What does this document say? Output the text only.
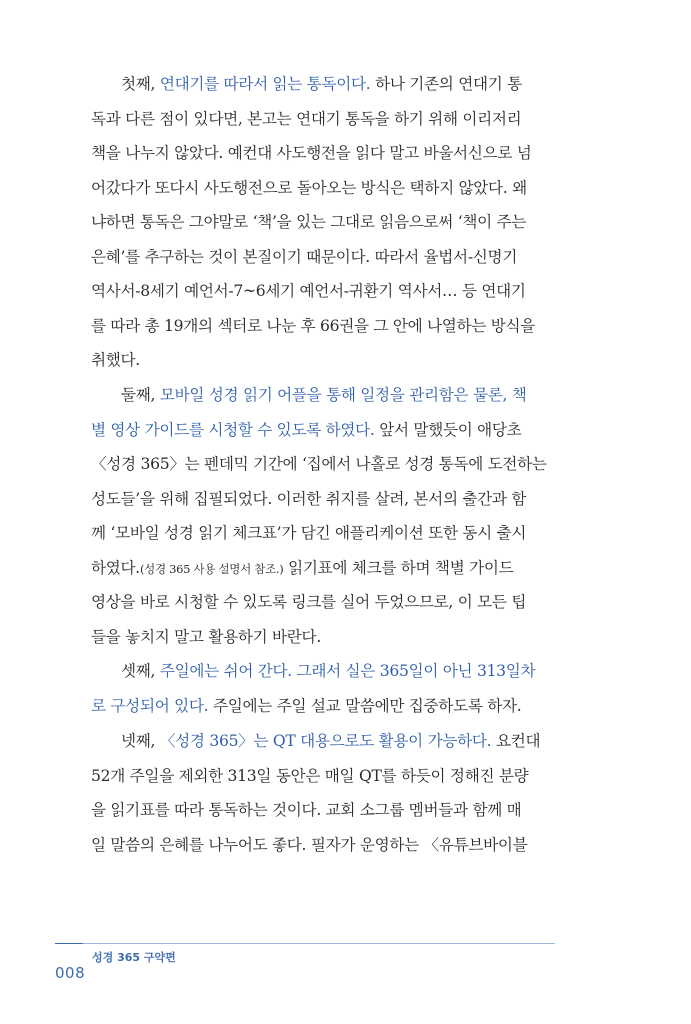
첫째, 연대기를 따라서 읽는 통독이다. 하나 기존의 연대기 통
독과 다른 점이 있다면, 본고는 연대기 통독을 하기 위해 이리저리
책을 나누지 않았다. 예컨대 사도행전을 읽다 말고 바울서신으로 넘
어갔다가 또다시 사도행전으로 돌아오는 방식은 택하지 않았다. 왜
냐하면 통독은 그야말로 ‘책’을 있는 그대로 읽음으로써 ‘책이 주는
은혜’를 추구하는 것이 본질이기 때문이다. 따라서 율법서-신명기
역사서-8세기 예언서-7~6세기 예언서-귀환기 역사서… 등 연대기
를 따라 총 19개의 섹터로 나눈 후 66권을 그 안에 나열하는 방식을
취했다.
둘째, 모바일 성경 읽기 어플을 통해 일정을 관리함은 물론, 책
별 영상 가이드를 시청할 수 있도록 하였다. 앞서 말했듯이 애당초
〈성경 365〉는 펜데믹 기간에 ‘집에서 나홀로 성경 통독에 도전하는
성도들’을 위해 집필되었다. 이러한 취지를 살려, 본서의 출간과 함
께 ‘모바일 성경 읽기 체크표’가 담긴 애플리케이션 또한 동시 출시
하였다.(성경 365 사용 설명서 참조.) 읽기표에 체크를 하며 책별 가이드
영상을 바로 시청할 수 있도록 링크를 실어 두었으므로, 이 모든 팁
들을 놓치지 말고 활용하기 바란다.
셋째, 주일에는 쉬어 간다. 그래서 실은 365일이 아닌 313일차
로 구성되어 있다. 주일에는 주일 설교 말씀에만 집중하도록 하자.
넷째, 〈성경 365〉는 QT 대용으로도 활용이 가능하다. 요컨대
52개 주일을 제외한 313일 동안은 매일 QT를 하듯이 정해진 분량
을 읽기표를 따라 통독하는 것이다. 교회 소그룹 멤버들과 함께 매
일 말씀의 은혜를 나누어도 좋다. 필자가 운영하는 〈유튜브바이블
성경 365 구약편
008
